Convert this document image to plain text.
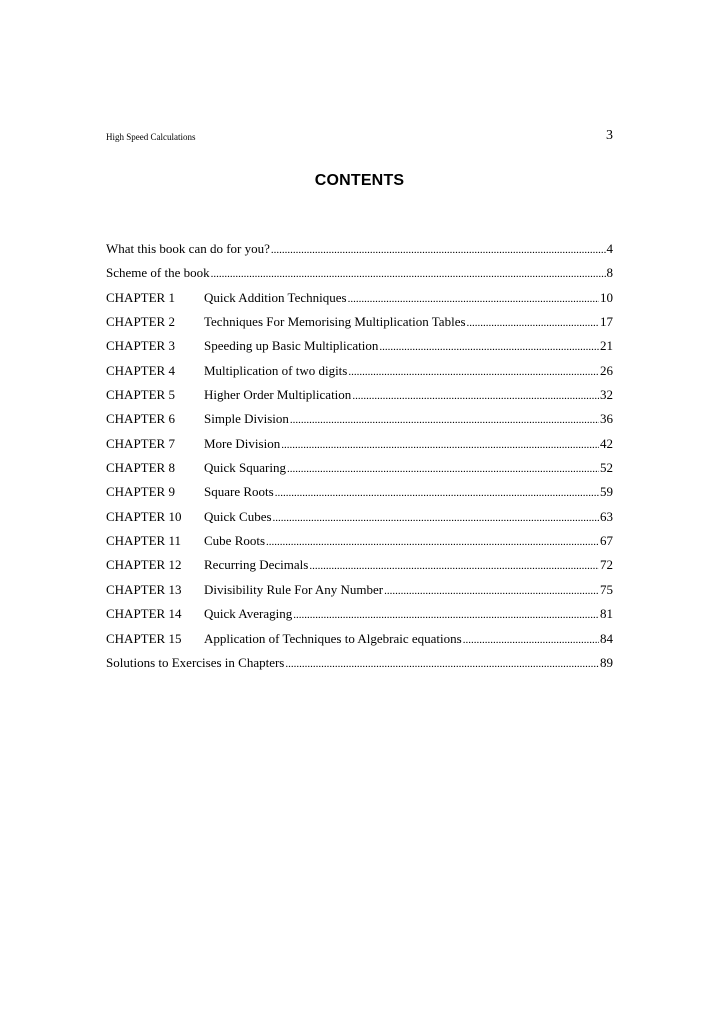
High Speed Calculations	3
CONTENTS
What this book can do for you? .....	4
Scheme of the book .....	8
CHAPTER 1	Quick Addition Techniques .....	10
CHAPTER 2	Techniques For Memorising Multiplication Tables .....	17
CHAPTER 3	Speeding up Basic Multiplication .....	21
CHAPTER 4	Multiplication of two digits .....	26
CHAPTER 5	Higher Order Multiplication .....	32
CHAPTER 6	Simple Division .....	36
CHAPTER 7	More Division .....	42
CHAPTER 8	Quick Squaring .....	52
CHAPTER 9	Square Roots .....	59
CHAPTER 10	Quick Cubes .....	63
CHAPTER 11	Cube Roots .....	67
CHAPTER 12	Recurring Decimals .....	72
CHAPTER 13	Divisibility Rule For Any Number .....	75
CHAPTER 14	Quick Averaging .....	81
CHAPTER 15	Application of Techniques to Algebraic equations .....	84
Solutions to Exercises in Chapters .....	89
